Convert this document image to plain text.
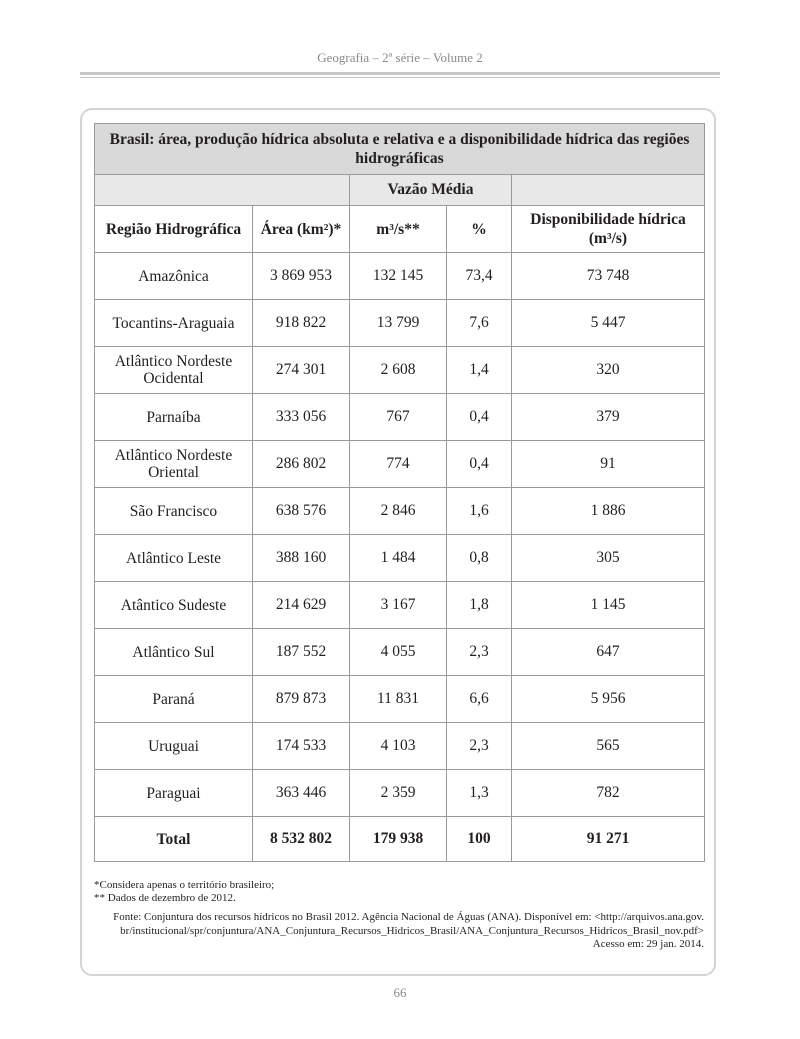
Geografia – 2ª série – Volume 2
Brasil: área, produção hídrica absoluta e relativa e a disponibilidade hídrica das regiões hidrográficas				
		Vazão Média		
Região Hidrográfica	Área (km²)*	m³/s**	%	Disponibilidade hídrica (m³/s)
Amazônica	3 869 953	132 145	73,4	73 748
Tocantins-Araguaia	918 822	13 799	7,6	5 447
Atlântico Nordeste Ocidental	274 301	2 608	1,4	320
Parnaíba	333 056	767	0,4	379
Atlântico Nordeste Oriental	286 802	774	0,4	91
São Francisco	638 576	2 846	1,6	1 886
Atlântico Leste	388 160	1 484	0,8	305
Atântico Sudeste	214 629	3 167	1,8	1 145
Atlântico Sul	187 552	4 055	2,3	647
Paraná	879 873	11 831	6,6	5 956
Uruguai	174 533	4 103	2,3	565
Paraguai	363 446	2 359	1,3	782
Total	8 532 802	179 938	100	91 271
*Considera apenas o território brasileiro;
** Dados de dezembro de 2012.
Fonte: Conjuntura dos recursos hídricos no Brasil 2012. Agência Nacional de Águas (ANA). Disponível em: <http://arquivos.ana.gov.
br/institucional/spr/conjuntura/ANA_Conjuntura_Recursos_Hidricos_Brasil/ANA_Conjuntura_Recursos_Hidricos_Brasil_nov.pdf>
Acesso em: 29 jan. 2014.
66
